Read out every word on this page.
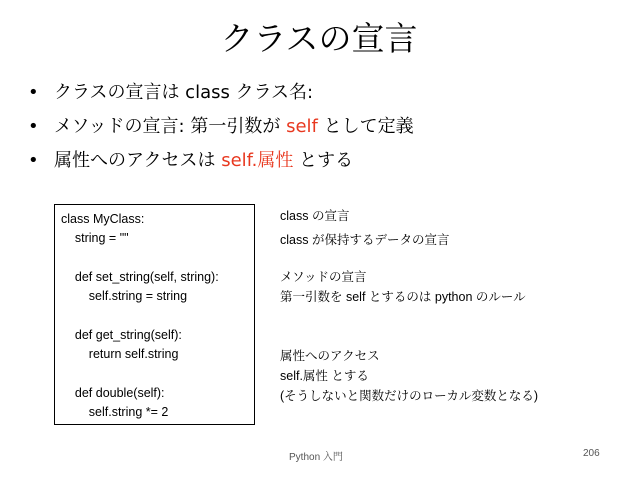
クラスの宣言
• クラスの宣言は class クラス名:
• メソッドの宣言: 第一引数が self として定義
• 属性へのアクセスは self.属性 とする
class MyClass:
string = ""
def set_string(self, string):
self.string = string
def get_string(self):
return self.string
def double(self):
self.string *= 2
class の宣言
class が保持するデータの宣言
メソッドの宣言
第一引数を self とするのは python のルール
属性へのアクセス
self.属性 とする
(そうしないと関数だけのローカル変数となる)
Python 入門	206
